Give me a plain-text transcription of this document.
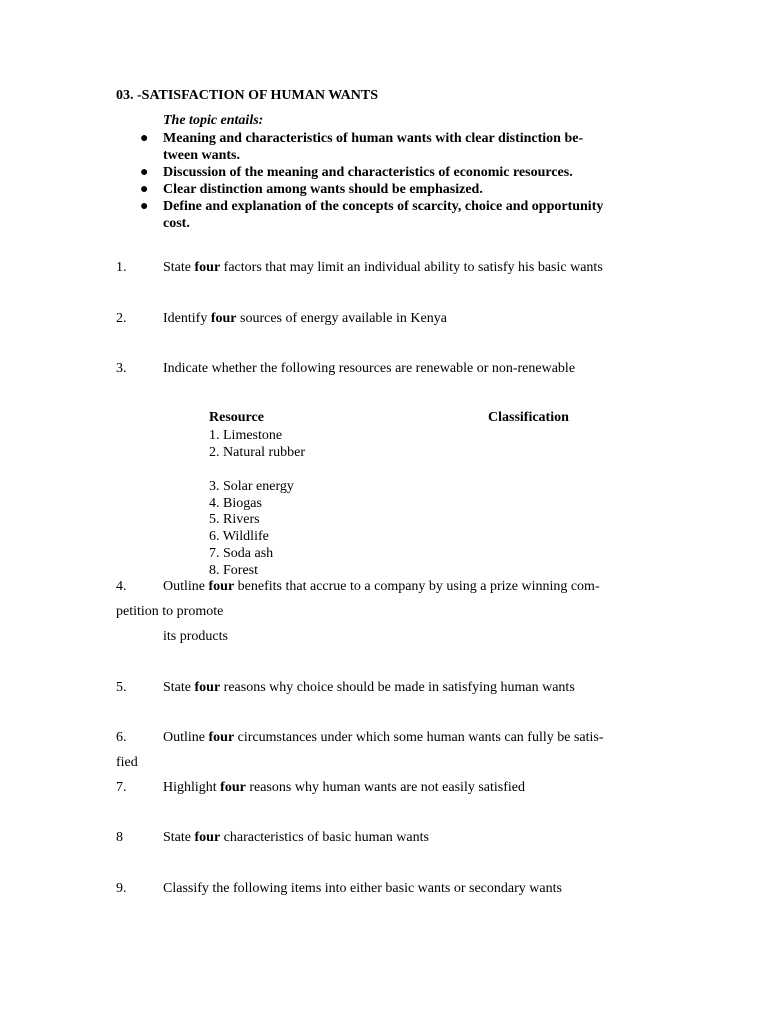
03. -SATISFACTION OF HUMAN WANTS
The topic entails:
● Meaning and characteristics of human wants with clear distinction be-
tween wants.
● Discussion of the meaning and characteristics of economic resources.
● Clear distinction among wants should be emphasized.
● Define and explanation of the concepts of scarcity, choice and opportunity
cost.
1.	State four factors that may limit an individual ability to satisfy his basic wants
2.	Identify four sources of energy available in Kenya
3.	Indicate whether the following resources are renewable or non-renewable
Resource	Classification
1. Limestone
2. Natural rubber
3. Solar energy
4. Biogas
5. Rivers
6. Wildlife
7. Soda ash
8. Forest
4.	Outline four benefits that accrue to a company by using a prize winning com-
petition to promote
its products
5.	State four reasons why choice should be made in satisfying human wants
6.	Outline four circumstances under which some human wants can fully be satis-
fied
7.	Highlight four reasons why human wants are not easily satisfied
8	State four characteristics of basic human wants
9.	Classify the following items into either basic wants or secondary wants
